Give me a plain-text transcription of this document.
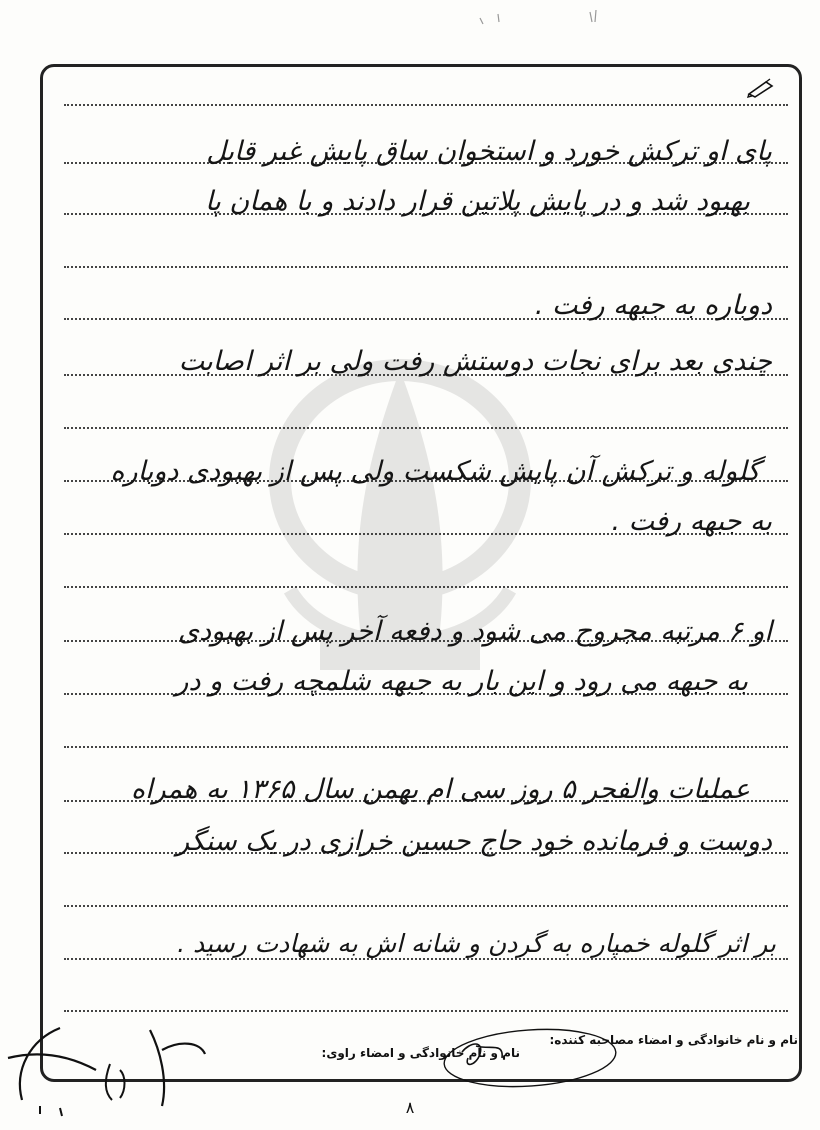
پای او ترکش خورد و استخوان ساق پایش غیر قابل
بهبود شد و در پایش پلاتین قرار دادند و با همان پا
دوباره به جبهه رفت .
چندی بعد برای نجات دوستش رفت ولی بر اثر اصابت
گلوله و ترکش آن پایش شکست ولی پس از بهبودی دوباره
به جبهه رفت .
او ۶ مرتبه مجروح می شود و دفعه آخر پس از بهبودی
به جبهه می رود و این بار به جبهه شلمچه رفت و در
عملیات والفجر ۵ روز سی ام بهمن سال ۱۳۶۵ به همراه
دوست و فرمانده خود حاج حسین خرازی در یک سنگر
بر اثر گلوله خمپاره به گردن و شانه اش به شهادت رسید .
نام و نام خانوادگی و امضاء مصاحبه کننده:
نام و نام خانوادگی و امضاء راوی:
۸
